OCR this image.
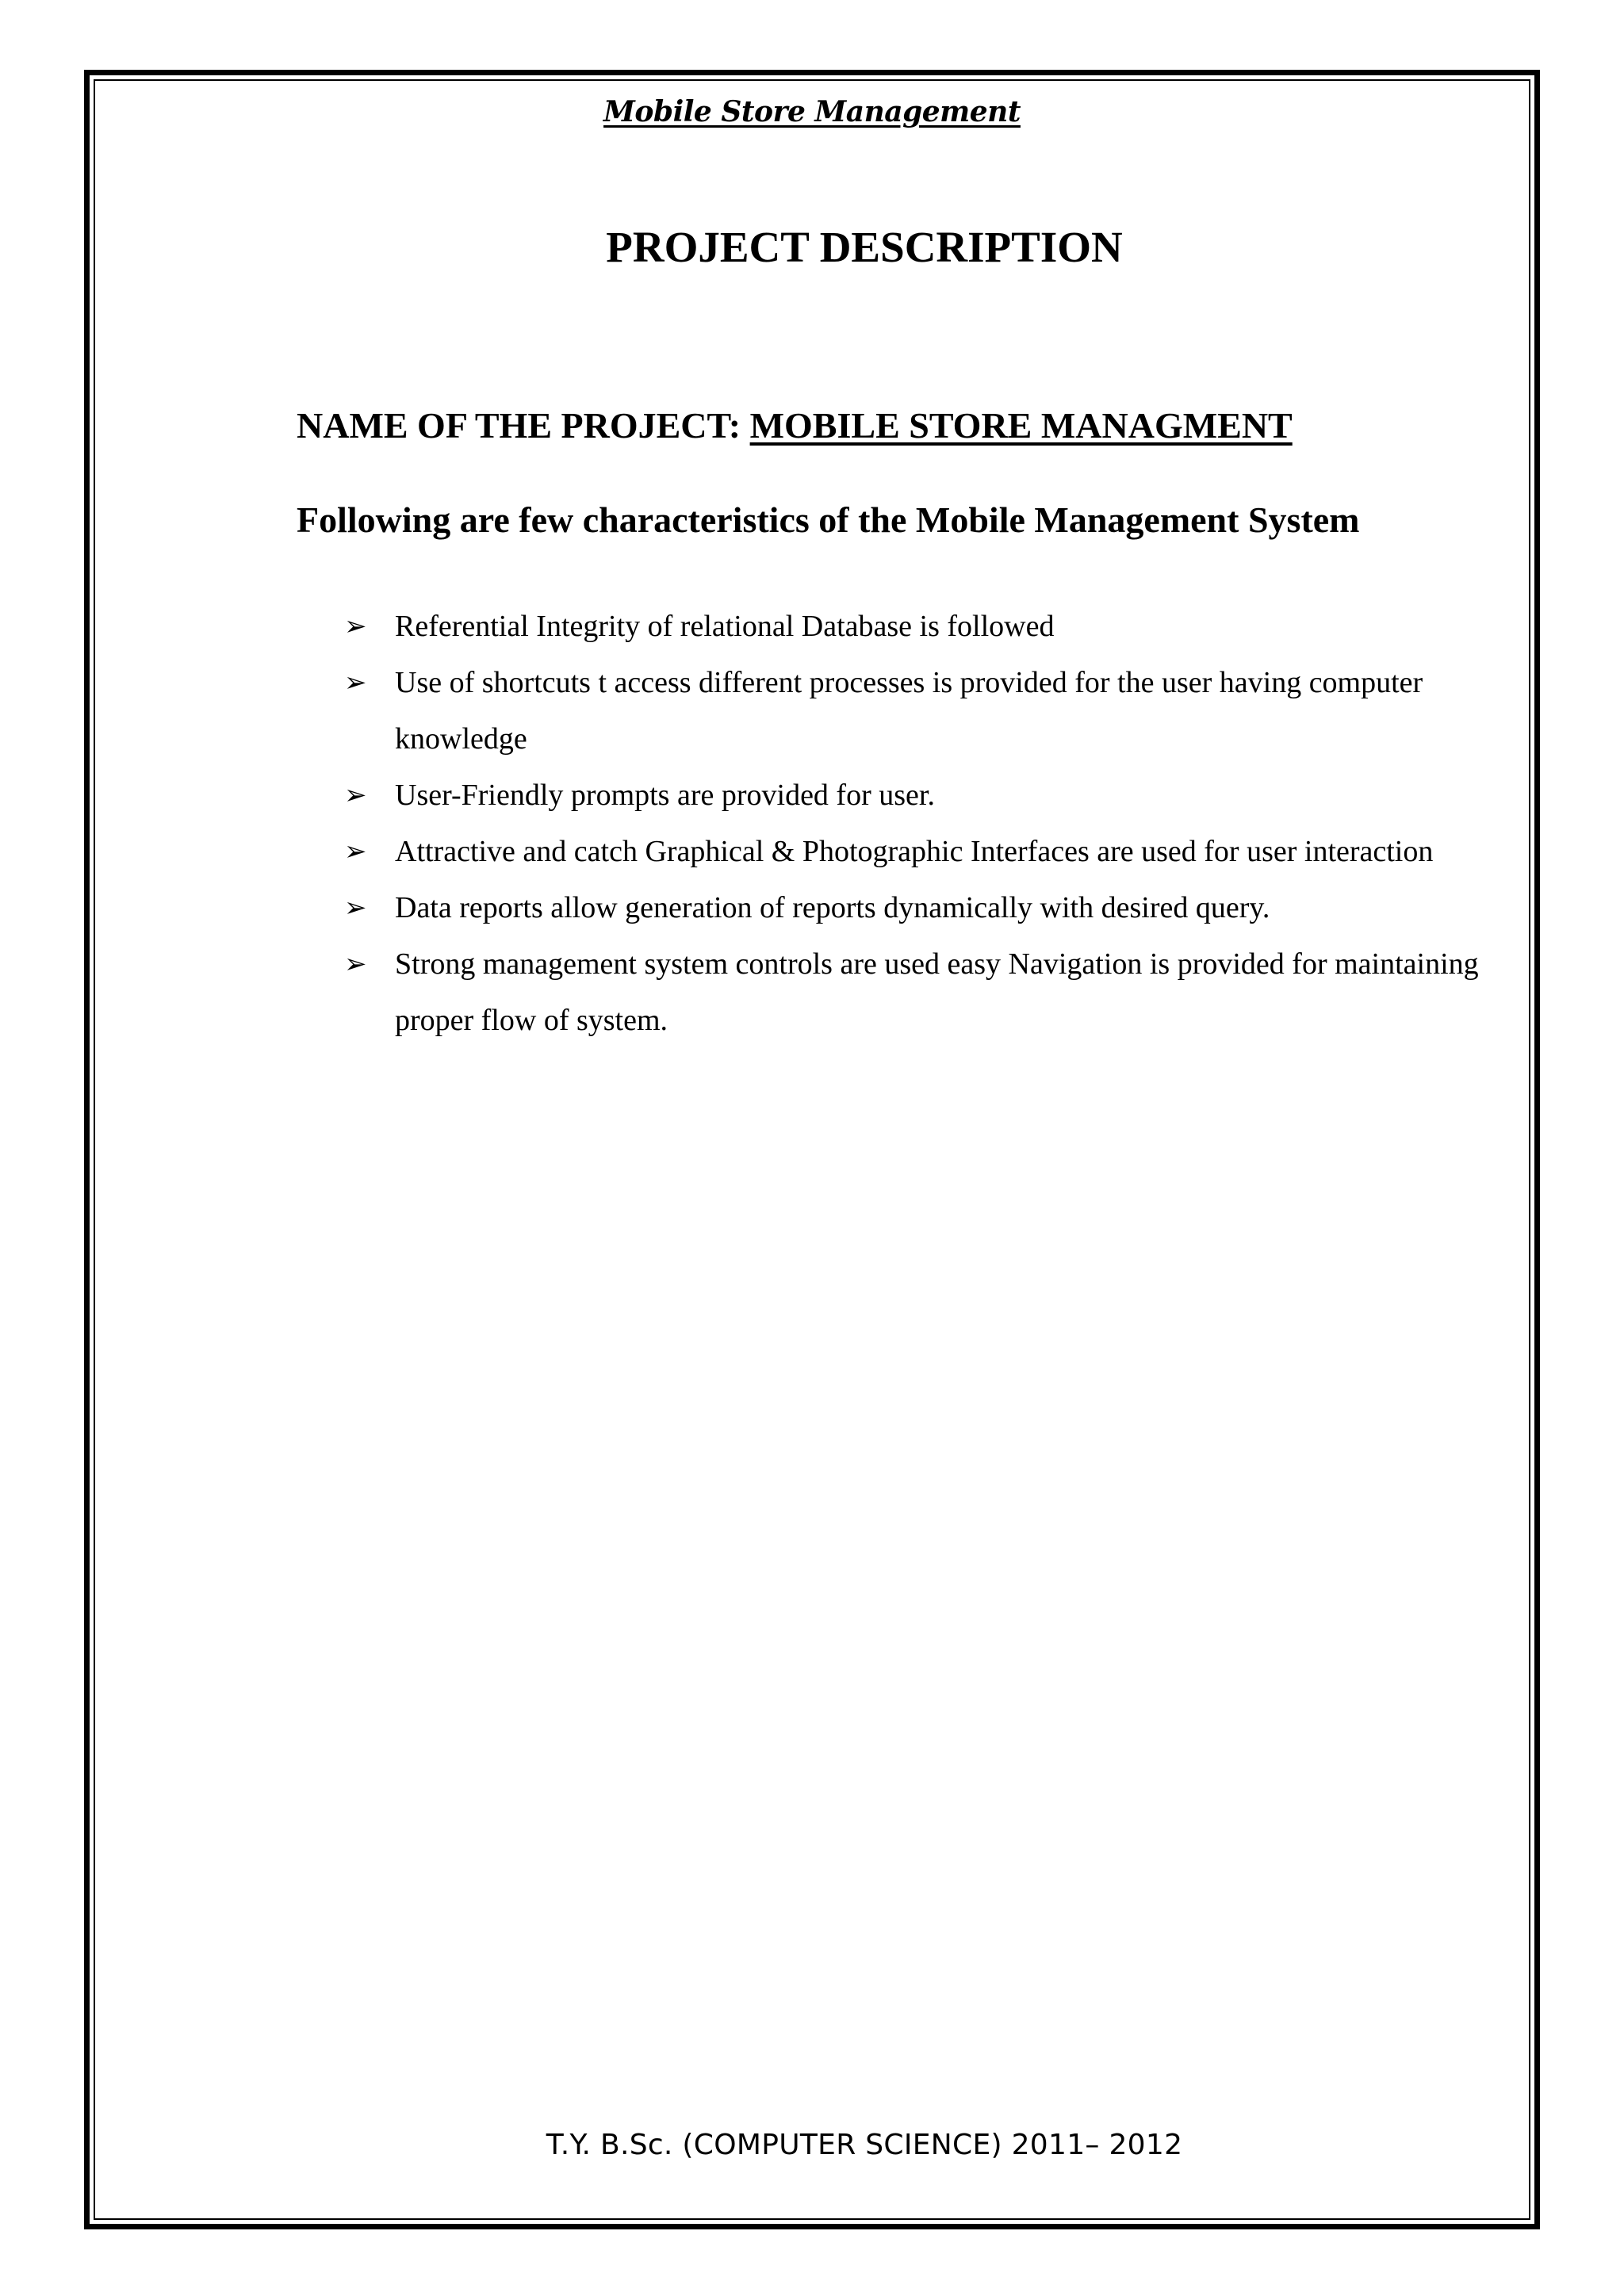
Mobile Store Management
PROJECT DESCRIPTION
NAME OF THE PROJECT: MOBILE STORE MANAGMENT
Following are few characteristics of the Mobile Management System
➢ Referential Integrity of relational Database is followed
➢ Use of shortcuts t access different processes is provided for the user having computer knowledge
➢ User-Friendly prompts are provided for user.
➢ Attractive and catch Graphical & Photographic Interfaces are used for user interaction
➢ Data reports allow generation of reports dynamically with desired query.
➢ Strong management system controls are used easy Navigation is provided for maintaining proper flow of system.
T.Y. B.Sc. (COMPUTER SCIENCE) 2011– 2012
